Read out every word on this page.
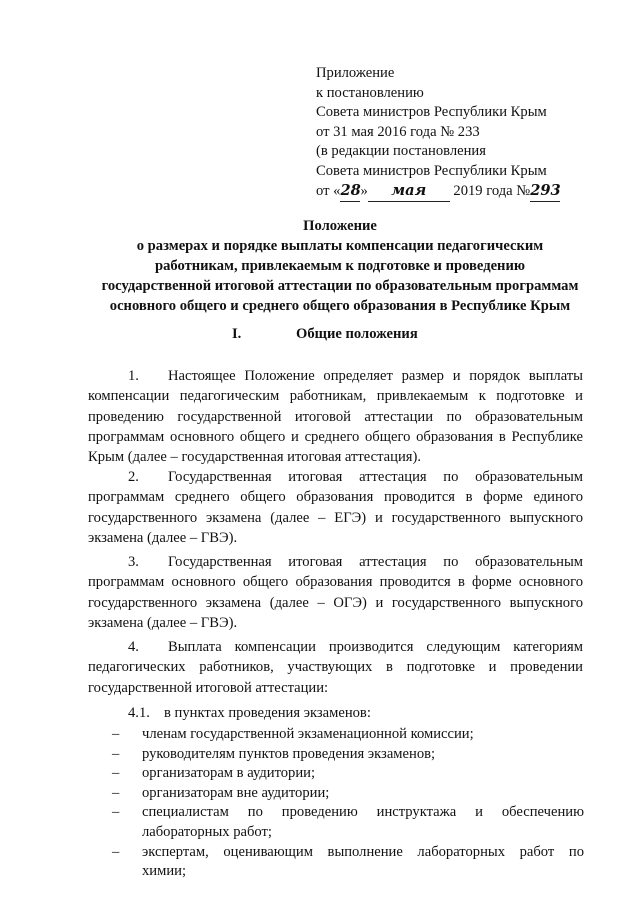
Приложение
к постановлению
Совета министров Республики Крым
от 31 мая 2016 года № 233
(в редакции постановления
Совета министров Республики Крым
от «28» мая 2019 года №293
Положение
о размерах и порядке выплаты компенсации педагогическим
работникам, привлекаемым к подготовке и проведению
государственной итоговой аттестации по образовательным программам
основного общего и среднего общего образования в Республике Крым
I.	Общие положения
1. Настоящее Положение определяет размер и порядок выплаты
компенсации педагогическим работникам, привлекаемым к подготовке и
проведению государственной итоговой аттестации по образовательным
программам основного общего и среднего общего образования в Республике
Крым (далее – государственная итоговая аттестация).
2. Государственная итоговая аттестация по образовательным
программам среднего общего образования проводится в форме единого
государственного экзамена (далее – ЕГЭ) и государственного выпускного
экзамена (далее – ГВЭ).
3. Государственная итоговая аттестация по образовательным
программам основного общего образования проводится в форме основного
государственного экзамена (далее – ОГЭ) и государственного выпускного
экзамена (далее – ГВЭ).
4. Выплата компенсации производится следующим категориям
педагогических работников, участвующих в подготовке и проведении
государственной итоговой аттестации:
4.1. в пунктах проведения экзаменов:
– членам государственной экзаменационной комиссии;
– руководителям пунктов проведения экзаменов;
– организаторам в аудитории;
– организаторам вне аудитории;
– специалистам по проведению инструктажа и обеспечению
лабораторных работ;
– экспертам, оценивающим выполнение лабораторных работ по
химии;
